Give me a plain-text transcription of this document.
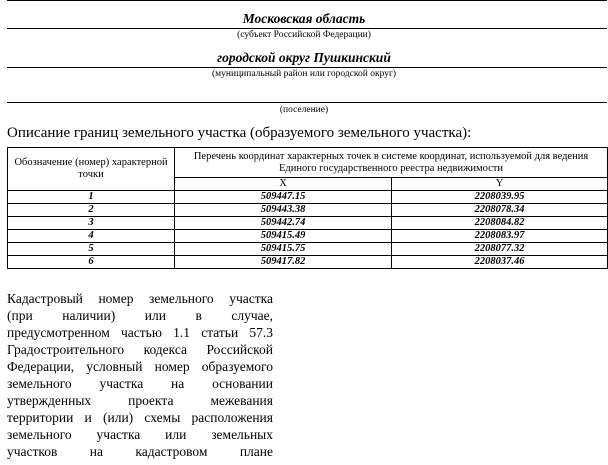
Московская область
(субъект Российской Федерации)
городской округ Пушкинский
(муниципальный район или городской округ)
(поселение)
Описание границ земельного участка (образуемого земельного участка):
Обозначение (номер) характерной точки	Перечень координат характерных точек в системе координат, используемой для ведения Единого государственного реестра недвижимости	
	X	Y
1	509447.15	2208039.95
2	509443.38	2208078.34
3	509442.74	2208084.82
4	509415.49	2208083.97
5	509415.75	2208077.32
6	509417.82	2208037.46
Кадастровый номер земельного участка
(при наличии) или в случае,
предусмотренном частью 1.1 статьи 57.3
Градостроительного кодекса Российской
Федерации, условный номер образуемого
земельного участка на основании
утвержденных проекта межевания
территории и (или) схемы расположения
земельного участка или земельных
участков на кадастровом плане
